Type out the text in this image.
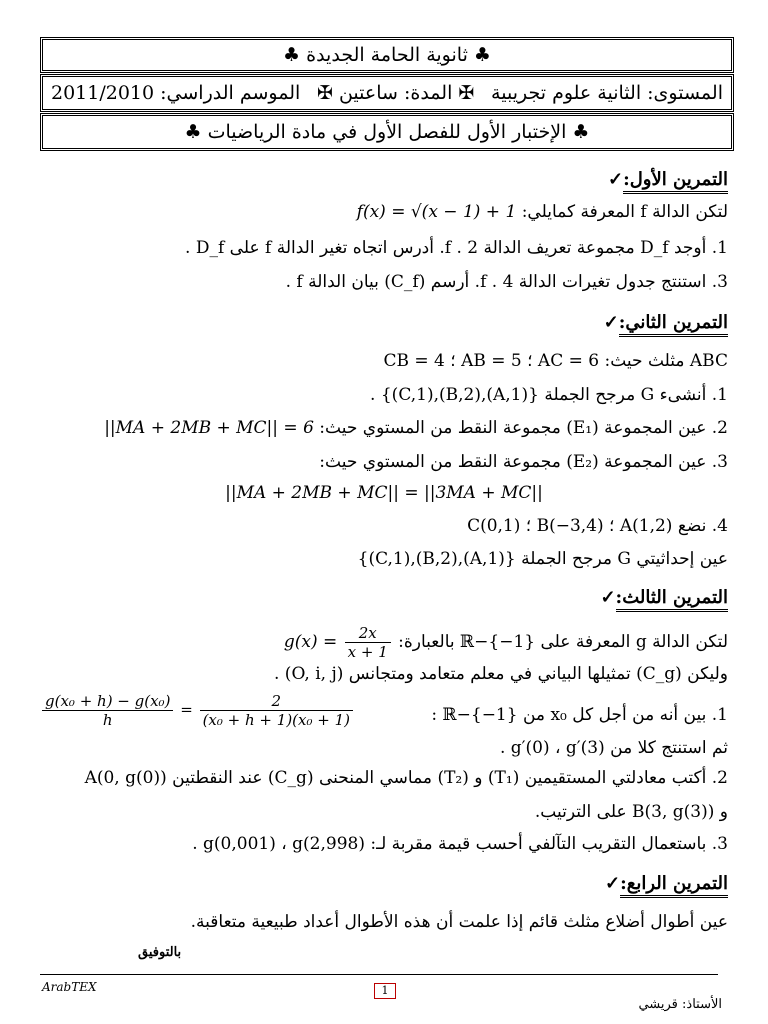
♣ ثانوية الحامة الجديدة ♣
الموسم الدراسي: 2011/2010 ✠ المدة: ساعتين ✠ المستوى: الثانية علوم تجريبية
♣ الإختبار الأول للفصل الأول في مادة الرياضيات ♣
التمرين الأول:✓
لتكن الدالة f المعرفة كمايلي: f(x) = √(x − 1) + 1
1. أوجد D_f مجموعة تعريف الدالة f . 2. أدرس اتجاه تغير الدالة f على D_f .
3. استنتج جدول تغيرات الدالة f . 4. أرسم (C_f) بيان الدالة f .
التمرين الثاني:✓
ABC مثلث حيث: AC = 6 ؛ AB = 5 ؛ CB = 4
1. أنشىء G مرجح الجملة {(A,1),(B,2),(C,1)} .
2. عين المجموعة (E₁) مجموعة النقط من المستوي حيث: ||MA + 2MB + MC|| = 6
3. عين المجموعة (E₂) مجموعة النقط من المستوي حيث:
||MA + 2MB + MC|| = ||3MA + MC||
4. نضع A(1,2) ؛ B(−3,4) ؛ C(0,1)
عين إحداثيتي G مرجح الجملة {(A,1),(B,2),(C,1)}
التمرين الثالث:✓
لتكن الدالة g المعرفة على ℝ−{−1} بالعبارة: $g(x) = \frac{2x}{x + 1}$
وليكن (C_g) تمثيلها البياني في معلم متعامد ومتجانس (O, i, j) .
1. بين أنه من أجل كل x₀ من ℝ−{−1} :
$\frac{\text{g(x₀ + h) − g(x₀)}}{h} = \frac{2}{\text{(x₀ + h + 1)(x₀ + 1)}}$
ثم استنتج كلا من g′(0) ، g′(3) .
2. أكتب معادلتي المستقيمين (T₁) و (T₂) مماسي المنحنى (C_g) عند النقطتين A(0, g(0))
و B(3, g(3)) على الترتيب.
3. باستعمال التقريب التآلفي أحسب قيمة مقربة لـ: g(0,001) ، g(2,998) .
التمرين الرابع:✓
عين أطوال أضلاع مثلث قائم إذا علمت أن هذه الأطوال أعداد طبيعية متعاقبة.
بالتوفيق
ArabTEX	1
الأستاذ: قريشي
